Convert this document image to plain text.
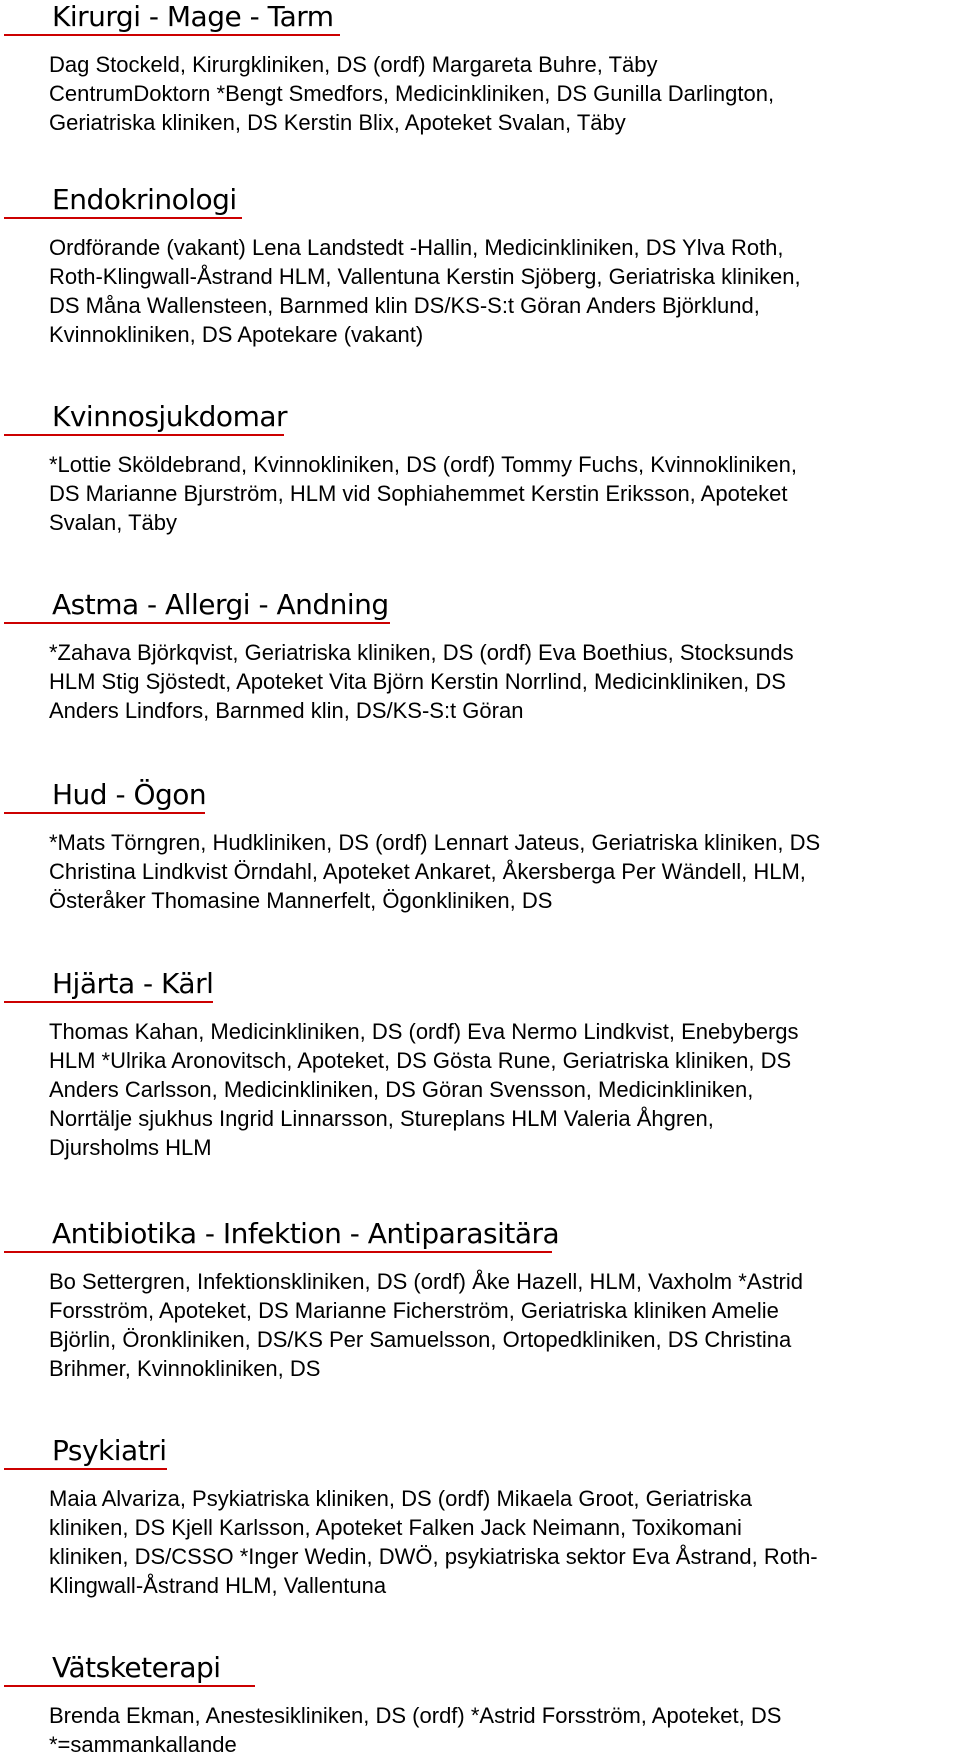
Kirurgi - Mage - Tarm
Dag Stockeld, Kirurgkliniken, DS (ordf) Margareta Buhre, Täby
CentrumDoktorn *Bengt Smedfors, Medicinkliniken, DS Gunilla Darlington,
Geriatriska kliniken, DS Kerstin Blix, Apoteket Svalan, Täby
Endokrinologi
Ordförande (vakant) Lena Landstedt -Hallin, Medicinkliniken, DS Ylva Roth,
Roth-Klingwall-Åstrand HLM, Vallentuna Kerstin Sjöberg, Geriatriska kliniken,
DS Måna Wallensteen, Barnmed klin DS/KS-S:t Göran Anders Björklund,
Kvinnokliniken, DS Apotekare (vakant)
Kvinnosjukdomar
*Lottie Sköldebrand, Kvinnokliniken, DS (ordf) Tommy Fuchs, Kvinnokliniken,
DS Marianne Bjurström, HLM vid Sophiahemmet Kerstin Eriksson, Apoteket
Svalan, Täby
Astma - Allergi - Andning
*Zahava Björkqvist, Geriatriska kliniken, DS (ordf) Eva Boethius, Stocksunds
HLM Stig Sjöstedt, Apoteket Vita Björn Kerstin Norrlind, Medicinkliniken, DS
Anders Lindfors, Barnmed klin, DS/KS-S:t Göran
Hud - Ögon
*Mats Törngren, Hudkliniken, DS (ordf) Lennart Jateus, Geriatriska kliniken, DS
Christina Lindkvist Örndahl, Apoteket Ankaret, Åkersberga Per Wändell, HLM,
Österåker Thomasine Mannerfelt, Ögonkliniken, DS
Hjärta - Kärl
Thomas Kahan, Medicinkliniken, DS (ordf) Eva Nermo Lindkvist, Enebybergs
HLM *Ulrika Aronovitsch, Apoteket, DS Gösta Rune, Geriatriska kliniken, DS
Anders Carlsson, Medicinkliniken, DS Göran Svensson, Medicinkliniken,
Norrtälje sjukhus Ingrid Linnarsson, Stureplans HLM Valeria Åhgren,
Djursholms HLM
Antibiotika - Infektion - Antiparasitära
Bo Settergren, Infektionskliniken, DS (ordf) Åke Hazell, HLM, Vaxholm *Astrid
Forsström, Apoteket, DS Marianne Ficherström, Geriatriska kliniken Amelie
Björlin, Öronkliniken, DS/KS Per Samuelsson, Ortopedkliniken, DS Christina
Brihmer, Kvinnokliniken, DS
Psykiatri
Maia Alvariza, Psykiatriska kliniken, DS (ordf) Mikaela Groot, Geriatriska
kliniken, DS Kjell Karlsson, Apoteket Falken Jack Neimann, Toxikomani
kliniken, DS/CSSO *Inger Wedin, DWÖ, psykiatriska sektor Eva Åstrand, Roth-
Klingwall-Åstrand HLM, Vallentuna
Vätsketerapi
Brenda Ekman, Anestesikliniken, DS (ordf) *Astrid Forsström, Apoteket, DS
*=sammankallande
